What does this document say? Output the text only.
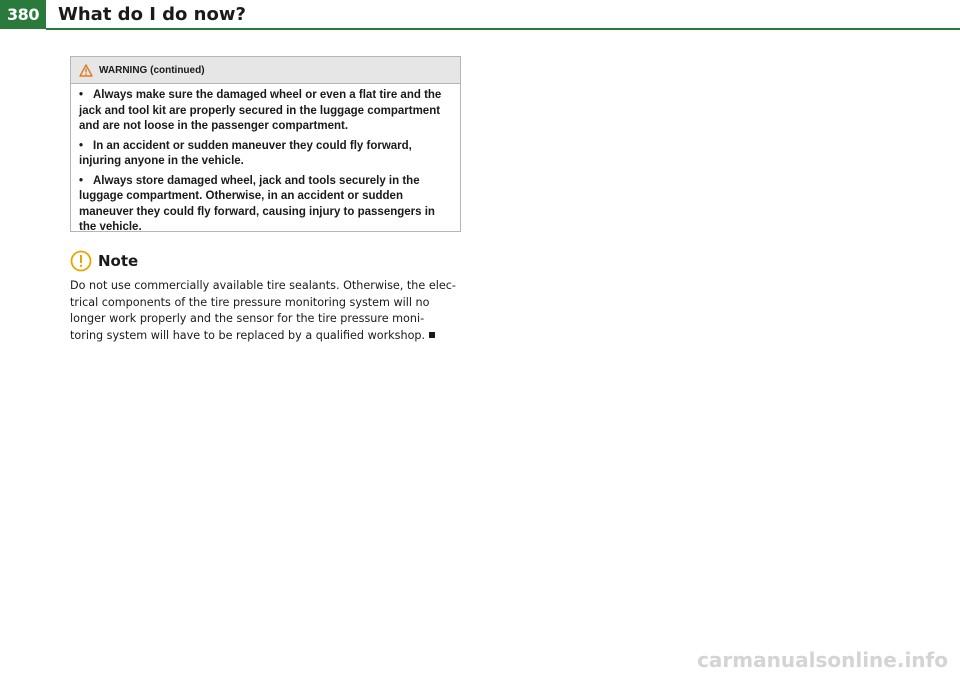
380	What do I do now?
WARNING (continued)

• Always make sure the damaged wheel or even a flat tire and the jack and tool kit are properly secured in the luggage compartment and are not loose in the passenger compartment.

• In an accident or sudden maneuver they could fly forward, injuring anyone in the vehicle.

• Always store damaged wheel, jack and tools securely in the luggage compartment. Otherwise, in an accident or sudden maneuver they could fly forward, causing injury to passengers in the vehicle.

Note
Do not use commercially available tire sealants. Otherwise, the elec-
trical components of the tire pressure monitoring system will no
longer work properly and the sensor for the tire pressure moni-
toring system will have to be replaced by a qualified workshop.
carmanualsonline.info
